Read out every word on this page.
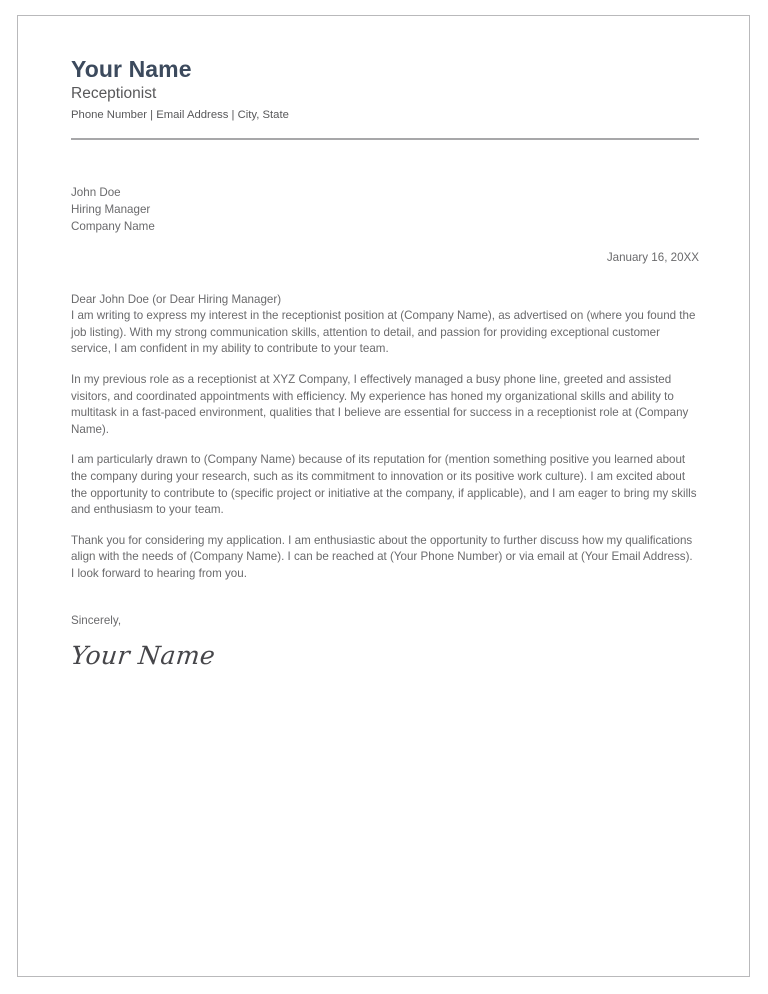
Your Name
Receptionist
Phone Number | Email Address | City, State
John Doe
Hiring Manager
Company Name
January 16, 20XX

Dear John Doe (or Dear Hiring Manager)

I am writing to express my interest in the receptionist position at (Company Name), as advertised on (where you found the job listing). With my strong communication skills, attention to detail, and passion for providing exceptional customer service, I am confident in my ability to contribute to your team.

In my previous role as a receptionist at XYZ Company, I effectively managed a busy phone line, greeted and assisted visitors, and coordinated appointments with efficiency. My experience has honed my organizational skills and ability to multitask in a fast-paced environment, qualities that I believe are essential for success in a receptionist role at (Company Name).

I am particularly drawn to (Company Name) because of its reputation for (mention something positive you learned about the company during your research, such as its commitment to innovation or its positive work culture). I am excited about the opportunity to contribute to (specific project or initiative at the company, if applicable), and I am eager to bring my skills and enthusiasm to your team.

Thank you for considering my application. I am enthusiastic about the opportunity to further discuss how my qualifications align with the needs of (Company Name). I can be reached at (Your Phone Number) or via email at (Your Email Address). I look forward to hearing from you.

Sincerely,
Your Name
